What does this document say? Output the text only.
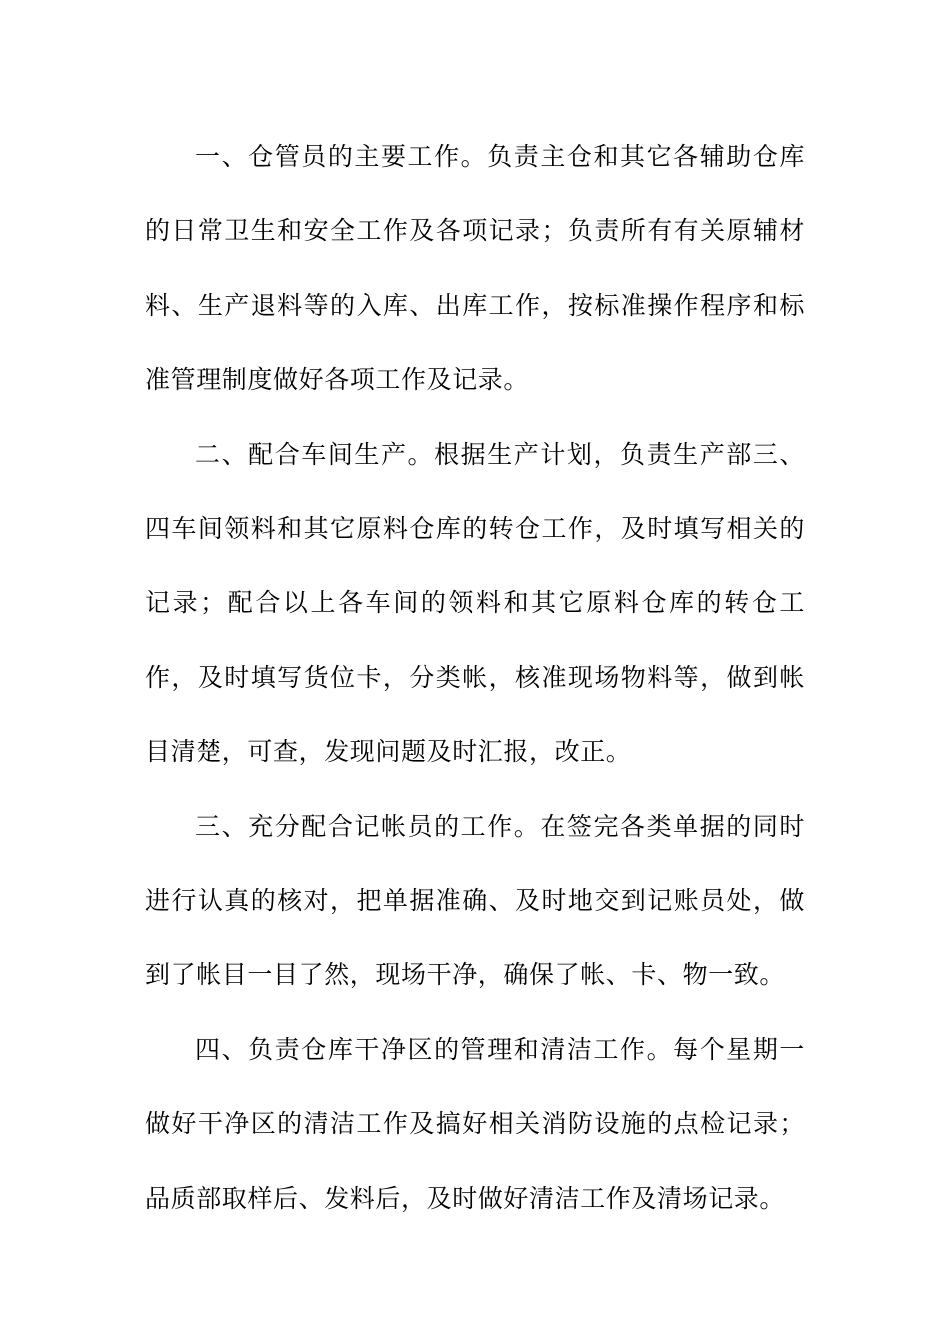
一、仓管员的主要工作。负责主仓和其它各辅助仓库的日常卫生和安全工作及各项记录；负责所有有关原辅材料、生产退料等的入库、出库工作，按标准操作程序和标准管理制度做好各项工作及记录。

二、配合车间生产。根据生产计划，负责生产部三、四车间领料和其它原料仓库的转仓工作，及时填写相关的记录；配合以上各车间的领料和其它原料仓库的转仓工作，及时填写货位卡，分类帐，核准现场物料等，做到帐目清楚，可查，发现问题及时汇报，改正。

三、充分配合记帐员的工作。在签完各类单据的同时进行认真的核对，把单据准确、及时地交到记账员处，做到了帐目一目了然，现场干净，确保了帐、卡、物一致。

四、负责仓库干净区的管理和清洁工作。每个星期一做好干净区的清洁工作及搞好相关消防设施的点检记录；品质部取样后、发料后，及时做好清洁工作及清场记录。
